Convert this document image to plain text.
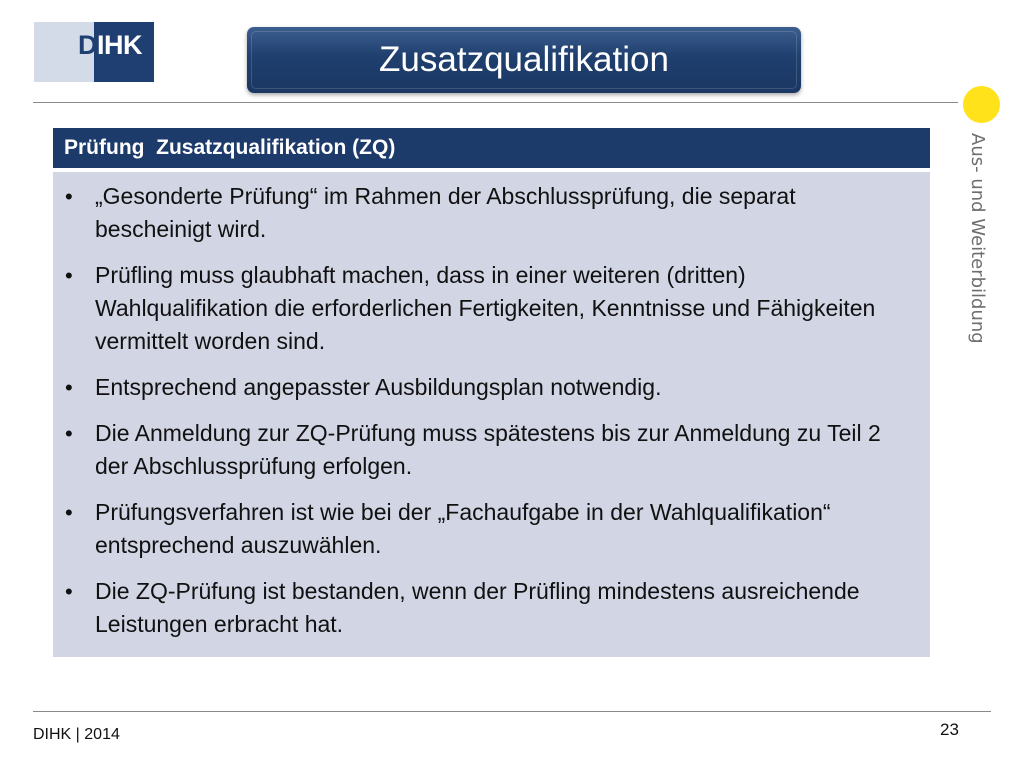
DIHK	Zusatzqualifikation
Aus- und Weiterbildung
Prüfung  Zusatzqualifikation (ZQ)
• „Gesonderte Prüfung“ im Rahmen der Abschlussprüfung, die separat bescheinigt wird.
• Prüfling muss glaubhaft machen, dass in einer weiteren (dritten) Wahlqualifikation die erforderlichen Fertigkeiten, Kenntnisse und Fähigkeiten vermittelt worden sind.
• Entsprechend angepasster Ausbildungsplan notwendig.
• Die Anmeldung zur ZQ-Prüfung muss spätestens bis zur Anmeldung zu Teil 2 der Abschlussprüfung erfolgen.
• Prüfungsverfahren ist wie bei der „Fachaufgabe in der Wahlqualifikation“ entsprechend auszuwählen.
• Die ZQ-Prüfung ist bestanden, wenn der Prüfling mindestens ausreichende Leistungen erbracht hat.
DIHK | 2014	23
